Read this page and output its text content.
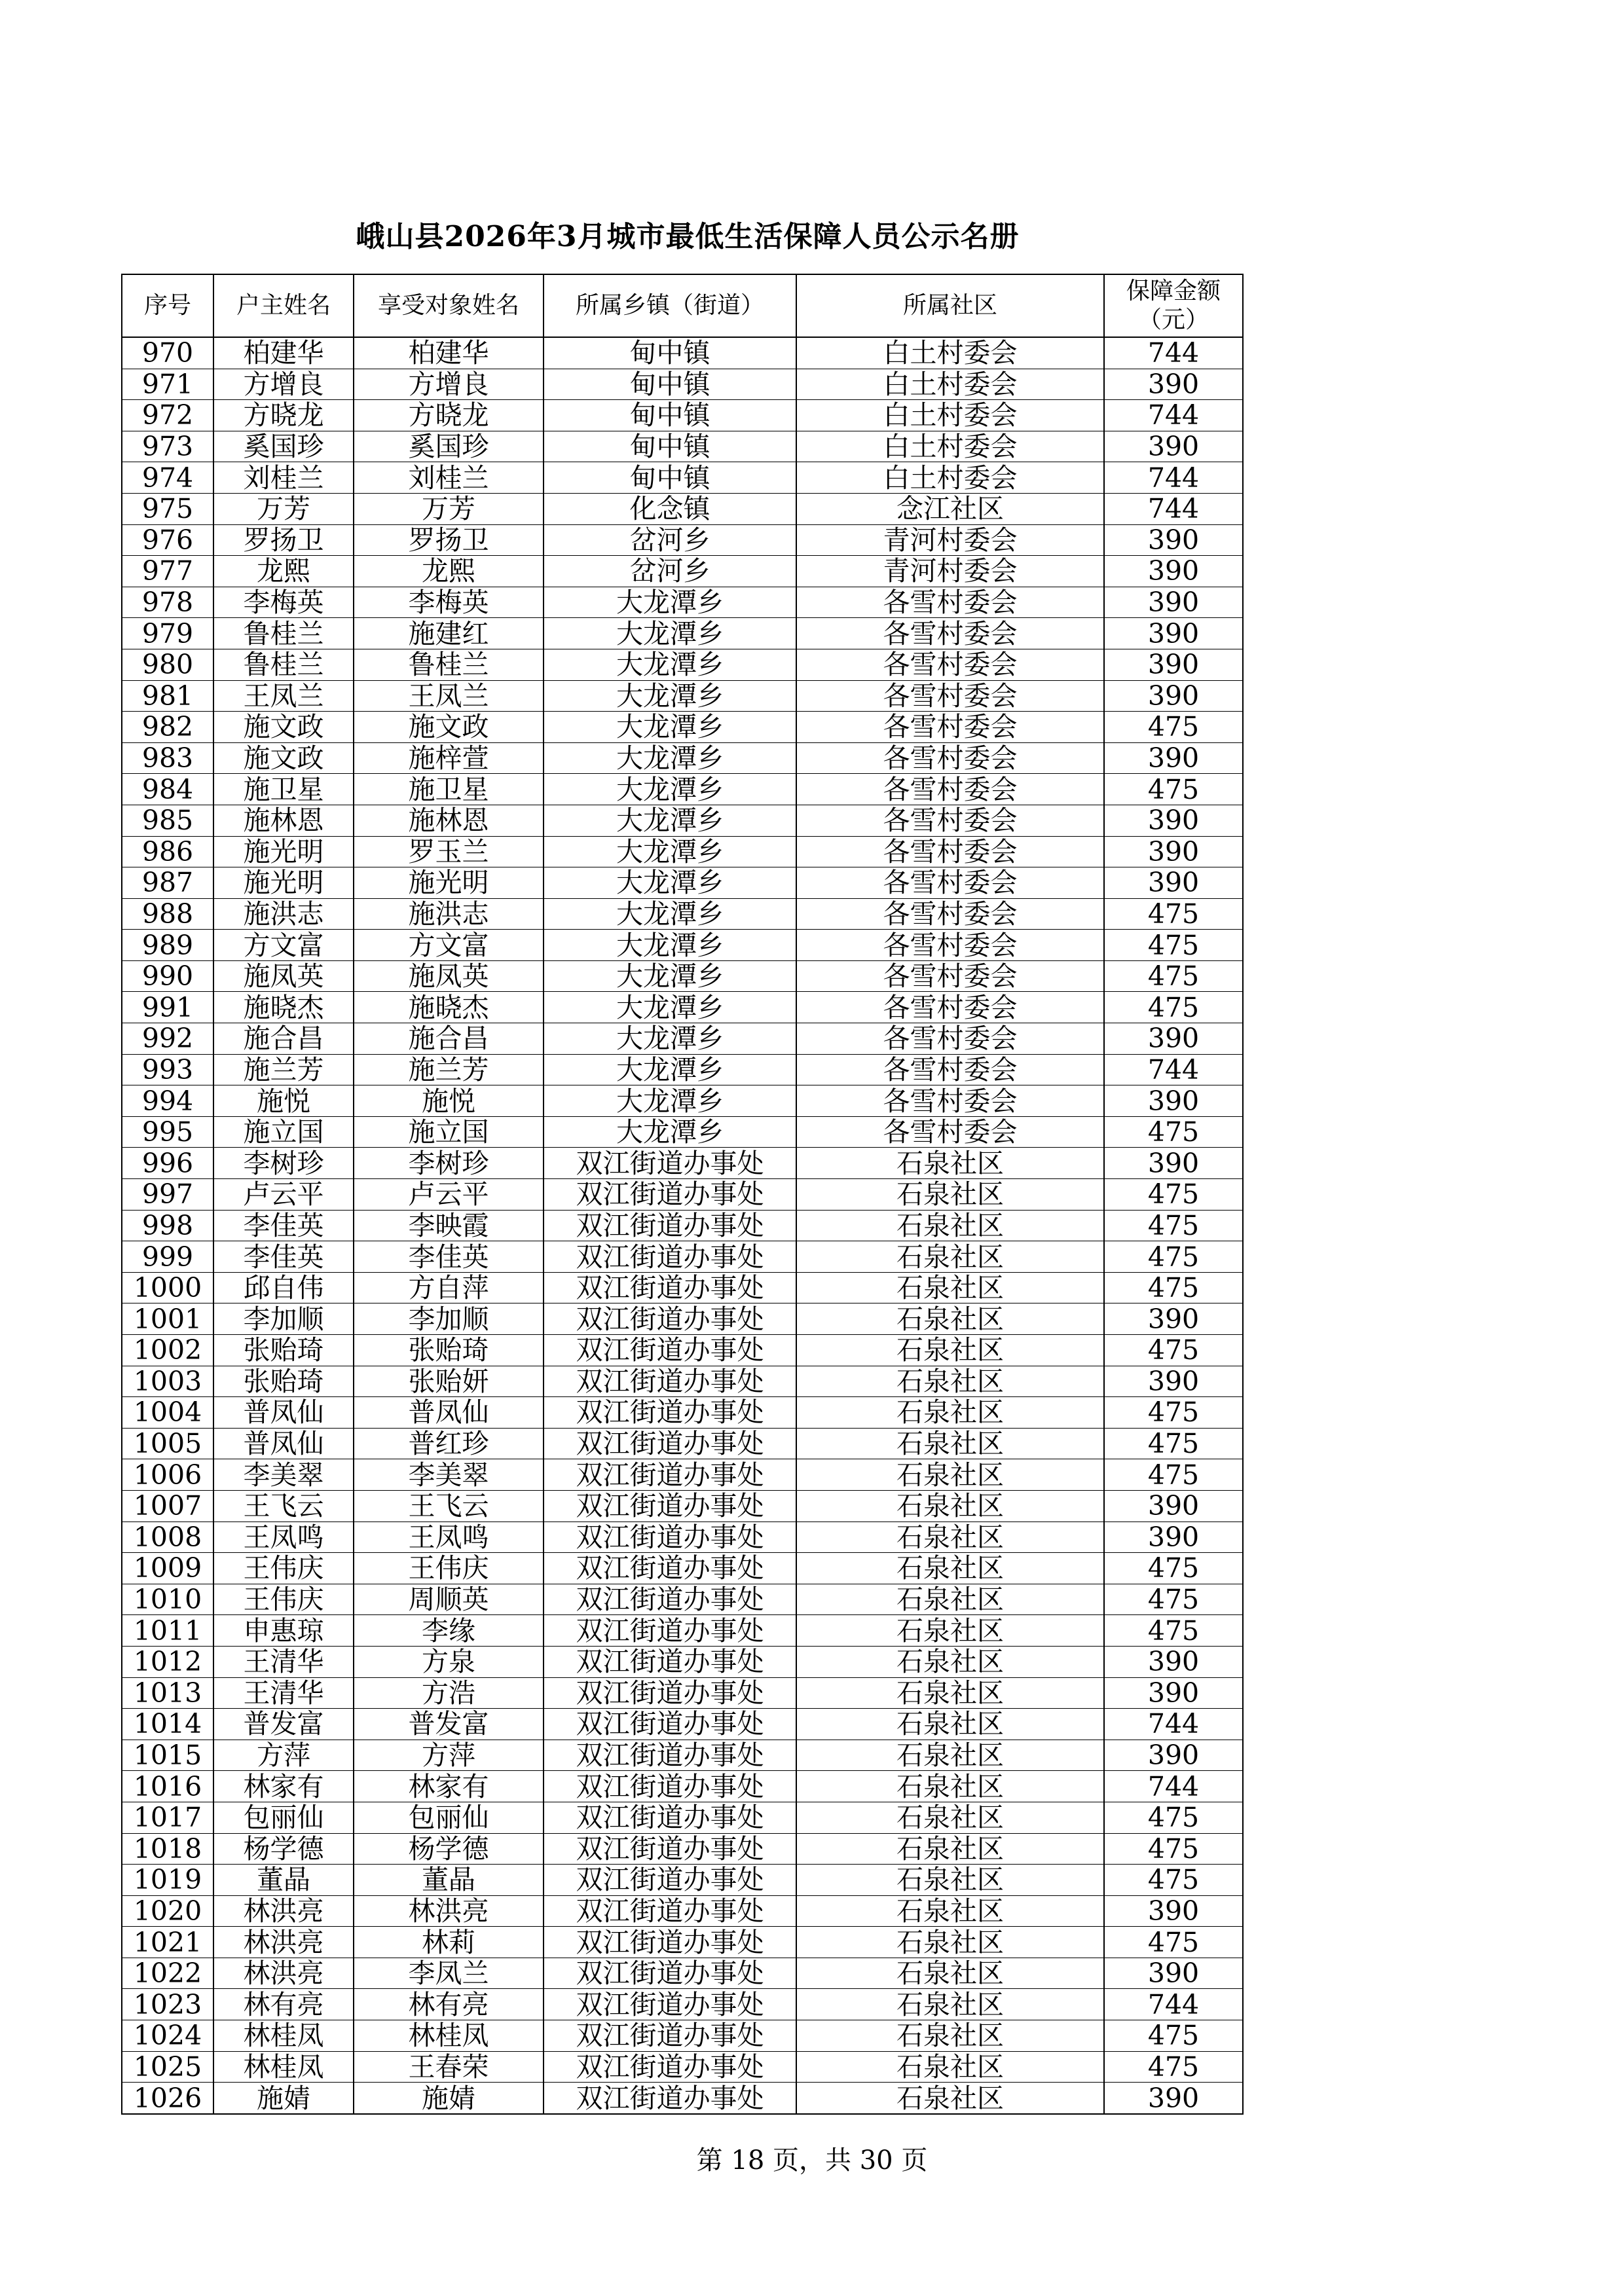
峨山县2026年3月城市最低生活保障人员公示名册
序号	户主姓名	享受对象姓名	所属乡镇（街道）	所属社区	保障金额
（元）
970	柏建华	柏建华	甸中镇	白土村委会	744
971	方增良	方增良	甸中镇	白土村委会	390
972	方晓龙	方晓龙	甸中镇	白土村委会	744
973	奚国珍	奚国珍	甸中镇	白土村委会	390
974	刘桂兰	刘桂兰	甸中镇	白土村委会	744
975	万芳	万芳	化念镇	念江社区	744
976	罗扬卫	罗扬卫	岔河乡	青河村委会	390
977	龙熙	龙熙	岔河乡	青河村委会	390
978	李梅英	李梅英	大龙潭乡	各雪村委会	390
979	鲁桂兰	施建红	大龙潭乡	各雪村委会	390
980	鲁桂兰	鲁桂兰	大龙潭乡	各雪村委会	390
981	王凤兰	王凤兰	大龙潭乡	各雪村委会	390
982	施文政	施文政	大龙潭乡	各雪村委会	475
983	施文政	施梓萱	大龙潭乡	各雪村委会	390
984	施卫星	施卫星	大龙潭乡	各雪村委会	475
985	施林恩	施林恩	大龙潭乡	各雪村委会	390
986	施光明	罗玉兰	大龙潭乡	各雪村委会	390
987	施光明	施光明	大龙潭乡	各雪村委会	390
988	施洪志	施洪志	大龙潭乡	各雪村委会	475
989	方文富	方文富	大龙潭乡	各雪村委会	475
990	施凤英	施凤英	大龙潭乡	各雪村委会	475
991	施晓杰	施晓杰	大龙潭乡	各雪村委会	475
992	施合昌	施合昌	大龙潭乡	各雪村委会	390
993	施兰芳	施兰芳	大龙潭乡	各雪村委会	744
994	施悦	施悦	大龙潭乡	各雪村委会	390
995	施立国	施立国	大龙潭乡	各雪村委会	475
996	李树珍	李树珍	双江街道办事处	石泉社区	390
997	卢云平	卢云平	双江街道办事处	石泉社区	475
998	李佳英	李映霞	双江街道办事处	石泉社区	475
999	李佳英	李佳英	双江街道办事处	石泉社区	475
1000	邱自伟	方自萍	双江街道办事处	石泉社区	475
1001	李加顺	李加顺	双江街道办事处	石泉社区	390
1002	张贻琦	张贻琦	双江街道办事处	石泉社区	475
1003	张贻琦	张贻妍	双江街道办事处	石泉社区	390
1004	普凤仙	普凤仙	双江街道办事处	石泉社区	475
1005	普凤仙	普红珍	双江街道办事处	石泉社区	475
1006	李美翠	李美翠	双江街道办事处	石泉社区	475
1007	王飞云	王飞云	双江街道办事处	石泉社区	390
1008	王凤鸣	王凤鸣	双江街道办事处	石泉社区	390
1009	王伟庆	王伟庆	双江街道办事处	石泉社区	475
1010	王伟庆	周顺英	双江街道办事处	石泉社区	475
1011	申惠琼	李缘	双江街道办事处	石泉社区	475
1012	王清华	方泉	双江街道办事处	石泉社区	390
1013	王清华	方浩	双江街道办事处	石泉社区	390
1014	普发富	普发富	双江街道办事处	石泉社区	744
1015	方萍	方萍	双江街道办事处	石泉社区	390
1016	林家有	林家有	双江街道办事处	石泉社区	744
1017	包丽仙	包丽仙	双江街道办事处	石泉社区	475
1018	杨学德	杨学德	双江街道办事处	石泉社区	475
1019	董晶	董晶	双江街道办事处	石泉社区	475
1020	林洪亮	林洪亮	双江街道办事处	石泉社区	390
1021	林洪亮	林莉	双江街道办事处	石泉社区	475
1022	林洪亮	李凤兰	双江街道办事处	石泉社区	390
1023	林有亮	林有亮	双江街道办事处	石泉社区	744
1024	林桂凤	林桂凤	双江街道办事处	石泉社区	475
1025	林桂凤	王春荣	双江街道办事处	石泉社区	475
1026	施婧	施婧	双江街道办事处	石泉社区	390
第 18 页，共 30 页
